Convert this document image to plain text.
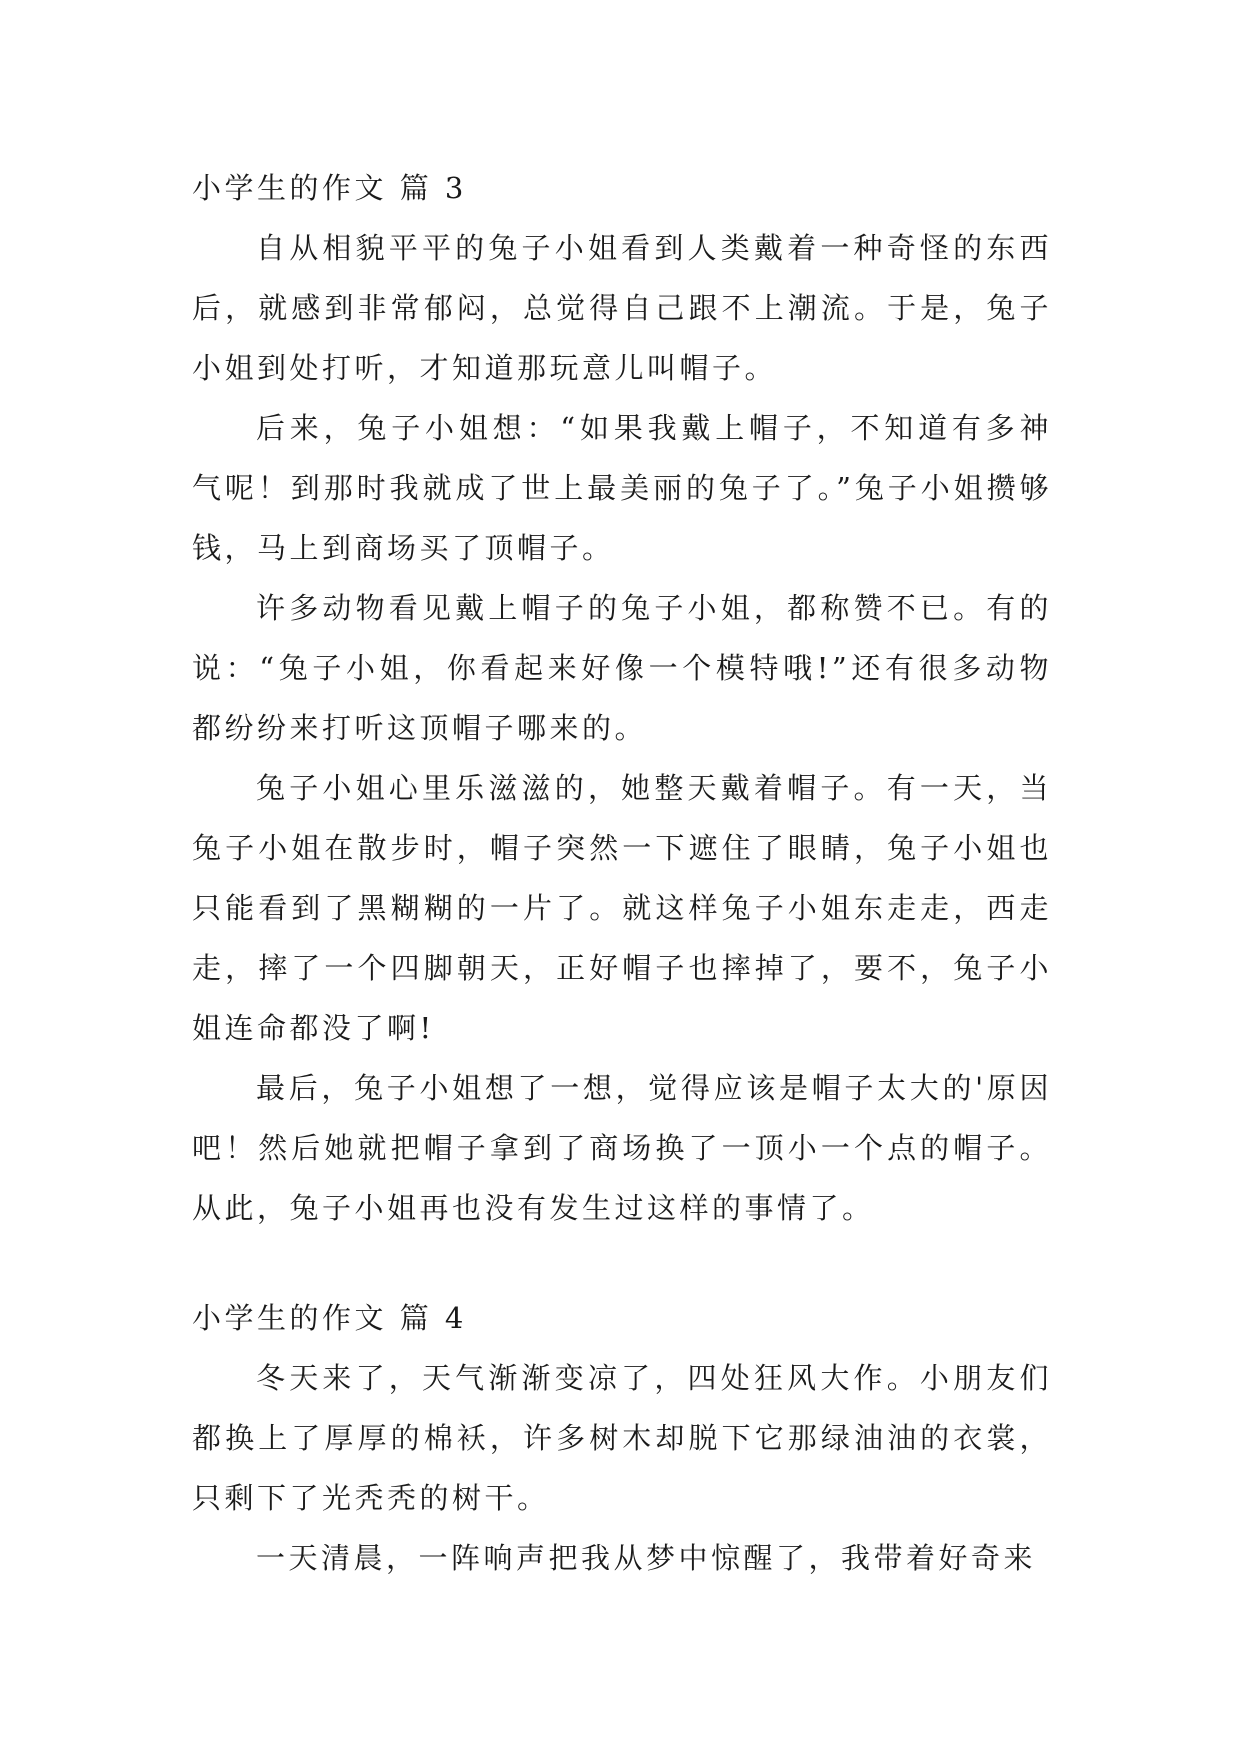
小学生的作文 篇 3

自从相貌平平的兔子小姐看到人类戴着一种奇怪的东西后，就感到非常郁闷，总觉得自己跟不上潮流。于是，兔子小姐到处打听，才知道那玩意儿叫帽子。

后来，兔子小姐想：“如果我戴上帽子，不知道有多神气呢！到那时我就成了世上最美丽的兔子了。”兔子小姐攒够钱，马上到商场买了顶帽子。

许多动物看见戴上帽子的兔子小姐，都称赞不已。有的说：“兔子小姐，你看起来好像一个模特哦!”还有很多动物都纷纷来打听这顶帽子哪来的。

兔子小姐心里乐滋滋的，她整天戴着帽子。有一天，当兔子小姐在散步时，帽子突然一下遮住了眼睛，兔子小姐也只能看到了黑糊糊的一片了。就这样兔子小姐东走走，西走走，摔了一个四脚朝天，正好帽子也摔掉了，要不，兔子小姐连命都没了啊!

最后，兔子小姐想了一想，觉得应该是帽子太大的'原因吧！然后她就把帽子拿到了商场换了一顶小一个点的帽子。从此，兔子小姐再也没有发生过这样的事情了。

小学生的作文 篇 4

冬天来了，天气渐渐变凉了，四处狂风大作。小朋友们都换上了厚厚的棉袄，许多树木却脱下它那绿油油的衣裳，只剩下了光秃秃的树干。

一天清晨，一阵响声把我从梦中惊醒了，我带着好奇来
